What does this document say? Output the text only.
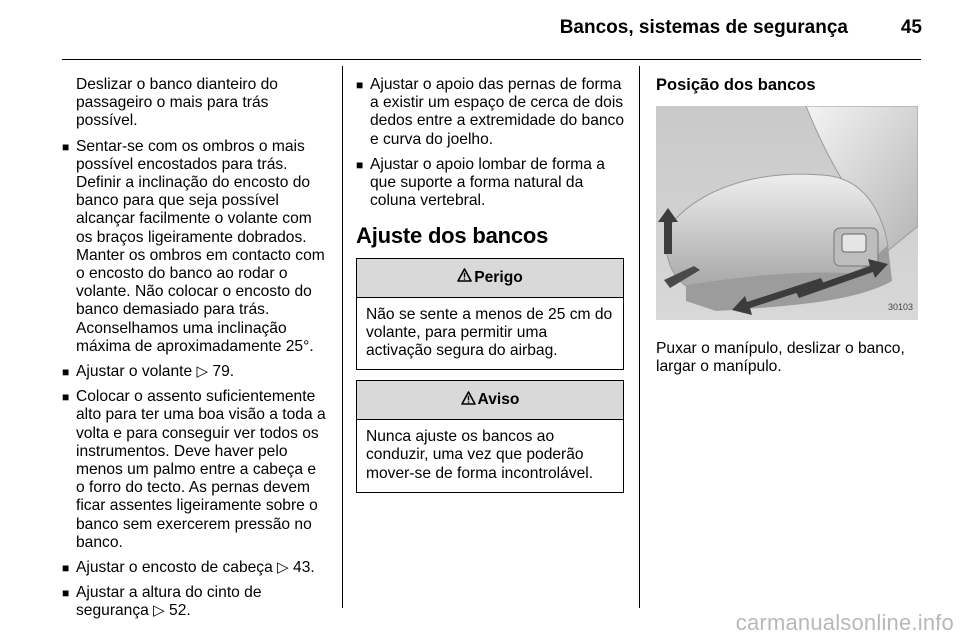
Bancos, sistemas de segurança	45

Deslizar o banco dianteiro do passageiro o mais para trás possível.

■ Sentar-se com os ombros o mais possível encostados para trás. Definir a inclinação do encosto do banco para que seja possível alcançar facilmente o volante com os braços ligeiramente dobrados. Manter os ombros em contacto com o encosto do banco ao rodar o volante. Não colocar o encosto do banco demasiado para trás. Aconselhamos uma inclinação máxima de aproximadamente 25°.
■ Ajustar o volante ▷ 79.
■ Colocar o assento suficientemente alto para ter uma boa visão a toda a volta e para conseguir ver todos os instrumentos. Deve haver pelo menos um palmo entre a cabeça e o forro do tecto. As pernas devem ficar assentes ligeiramente sobre o banco sem exercerem pressão no banco.
■ Ajustar o encosto de cabeça ▷ 43.
■ Ajustar a altura do cinto de segurança ▷ 52.
■ Ajustar o apoio das pernas de forma a existir um espaço de cerca de dois dedos entre a extremidade do banco e curva do joelho.
■ Ajustar o apoio lombar de forma a que suporte a forma natural da coluna vertebral.
Ajuste dos bancos
Perigo
Não se sente a menos de 25 cm do volante, para permitir uma activação segura do airbag.
Aviso
Nunca ajuste os bancos ao conduzir, uma vez que poderão mover-se de forma incontrolável.
Posição dos bancos
30103
Puxar o manípulo, deslizar o banco, largar o manípulo.
carmanualsonline.info
